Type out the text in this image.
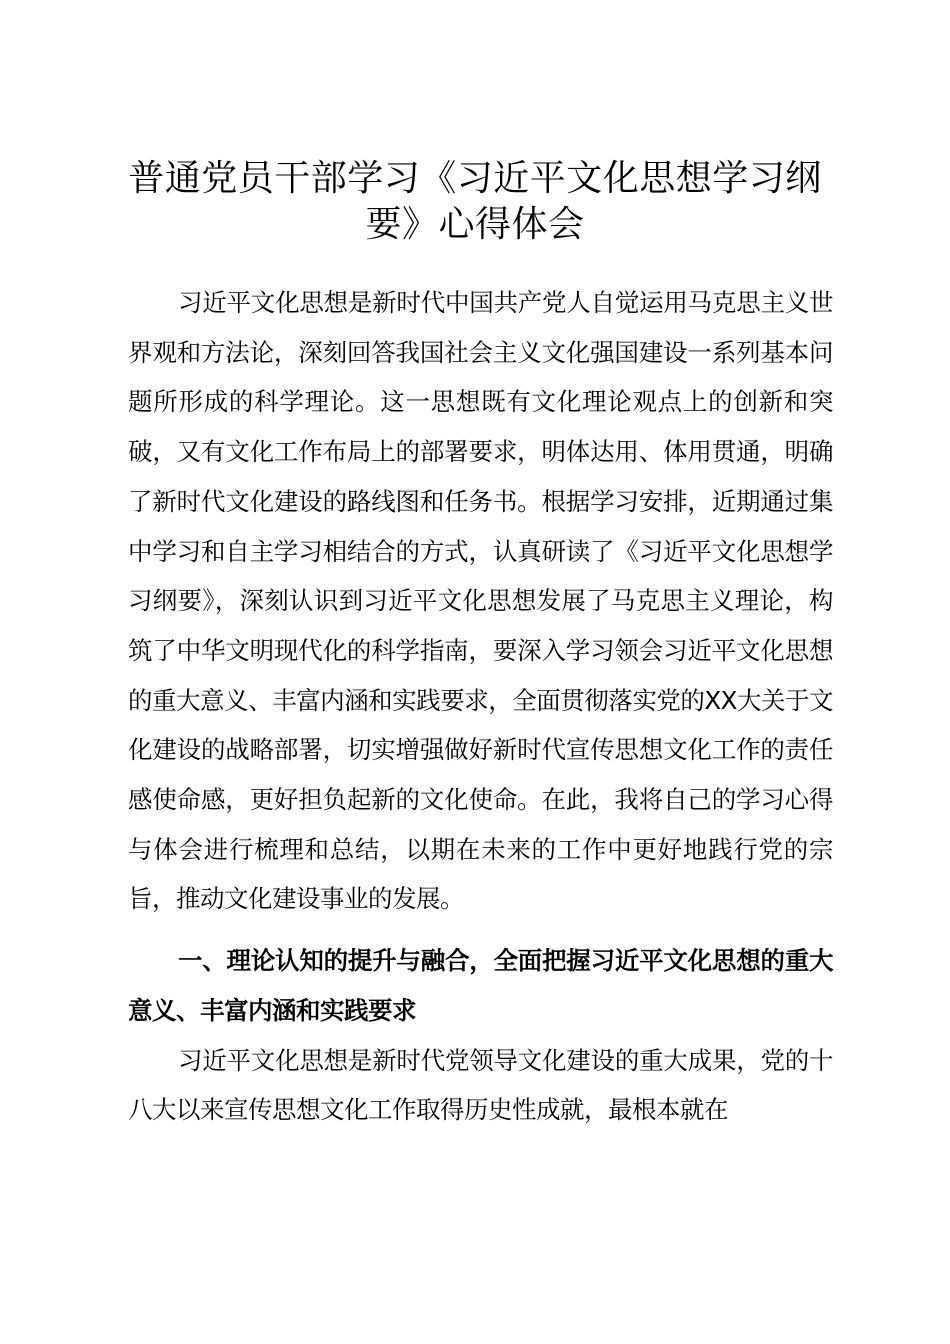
普通党员干部学习《习近平文化思想学习纲要》心得体会

习近平文化思想是新时代中国共产党人自觉运用马克思主义世界观和方法论，深刻回答我国社会主义文化强国建设一系列基本问题所形成的科学理论。这一思想既有文化理论观点上的创新和突破，又有文化工作布局上的部署要求，明体达用、体用贯通，明确了新时代文化建设的路线图和任务书。根据学习安排，近期通过集中学习和自主学习相结合的方式，认真研读了《习近平文化思想学习纲要》，深刻认识到习近平文化思想发展了马克思主义理论，构筑了中华文明现代化的科学指南，要深入学习领会习近平文化思想的重大意义、丰富内涵和实践要求，全面贯彻落实党的XX大关于文化建设的战略部署，切实增强做好新时代宣传思想文化工作的责任感使命感，更好担负起新的文化使命。在此，我将自己的学习心得与体会进行梳理和总结，以期在未来的工作中更好地践行党的宗旨，推动文化建设事业的发展。

一、理论认知的提升与融合，全面把握习近平文化思想的重大意义、丰富内涵和实践要求

习近平文化思想是新时代党领导文化建设的重大成果，党的十八大以来宣传思想文化工作取得历史性成就，最根本就在
